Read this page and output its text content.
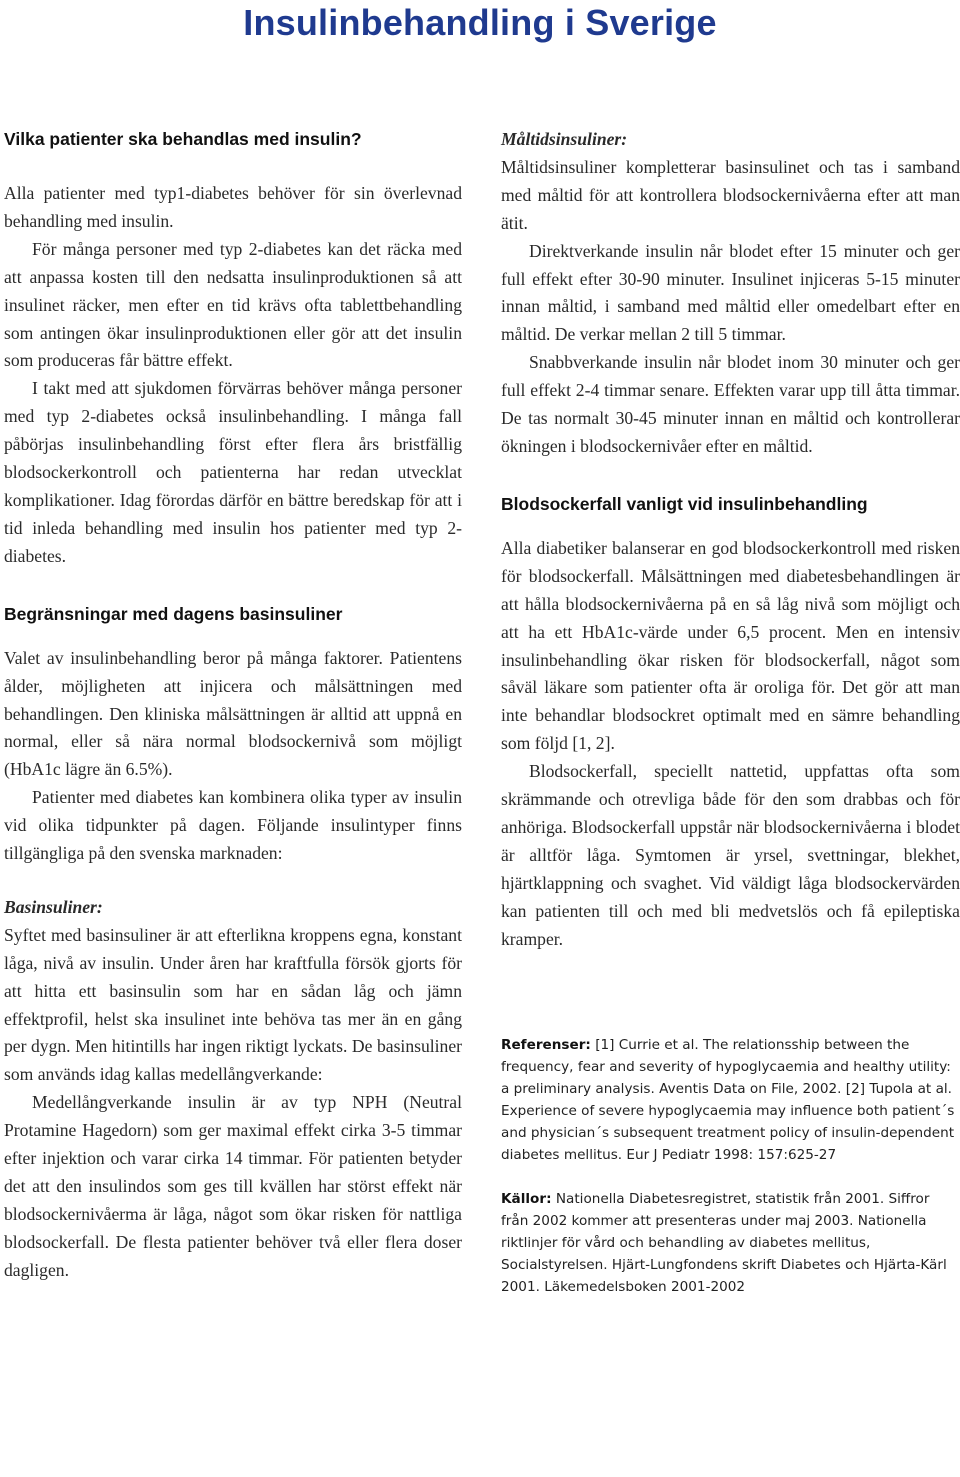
Insulinbehandling i Sverige
Vilka patienter ska behandlas med insulin?

Alla patienter med typ1-diabetes behöver för sin överlevnad behandling med insulin.

För många personer med typ 2-diabetes kan det räcka med att anpassa kosten till den nedsatta insulinproduktionen så att insulinet räcker, men efter en tid krävs ofta tablettbehandling som antingen ökar insulinproduktionen eller gör att det insulin som produceras får bättre effekt.

I takt med att sjukdomen förvärras behöver många personer med typ 2-diabetes också insulinbehandling. I många fall påbörjas insulinbehandling först efter flera års bristfällig blodsockerkontroll och patienterna har redan utvecklat komplikationer. Idag förordas därför en bättre beredskap för att i tid inleda behandling med insulin hos patienter med typ 2-diabetes.

Begränsningar med dagens basinsuliner

Valet av insulinbehandling beror på många faktorer. Patientens ålder, möjligheten att injicera och målsättningen med behandlingen. Den kliniska målsättningen är alltid att uppnå en normal, eller så nära normal blodsockernivå som möjligt (HbA1c lägre än 6.5%).

Patienter med diabetes kan kombinera olika typer av insulin vid olika tidpunkter på dagen. Följande insulintyper finns tillgängliga på den svenska marknaden:

Basinsuliner:

Syftet med basinsuliner är att efterlikna kroppens egna, konstant låga, nivå av insulin. Under åren har kraftfulla försök gjorts för att hitta ett basinsulin som har en sådan låg och jämn effektprofil, helst ska insulinet inte behöva tas mer än en gång per dygn. Men hitintills har ingen riktigt lyckats. De basinsuliner som används idag kallas medellångverkande:

Medellångverkande insulin är av typ NPH (Neutral Protamine Hagedorn) som ger maximal effekt cirka 3-5 timmar efter injektion och varar cirka 14 timmar. För patienten betyder det att den insulindos som ges till kvällen har störst effekt när blodsockernivåerma är låga, något som ökar risken för nattliga blodsockerfall. De flesta patienter behöver två eller flera doser dagligen.

Måltidsinsuliner:

Måltidsinsuliner kompletterar basinsulinet och tas i samband med måltid för att kontrollera blodsockernivåerna efter att man ätit.

Direktverkande insulin når blodet efter 15 minuter och ger full effekt efter 30-90 minuter. Insulinet injiceras 5-15 minuter innan måltid, i samband med måltid eller omedelbart efter en måltid. De verkar mellan 2 till 5 timmar.

Snabbverkande insulin når blodet inom 30 minuter och ger full effekt 2-4 timmar senare. Effekten varar upp till åtta timmar. De tas normalt 30-45 minuter innan en måltid och kontrollerar ökningen i blodsockernivåer efter en måltid.

Blodsockerfall vanligt vid insulinbehandling

Alla diabetiker balanserar en god blodsockerkontroll med risken för blodsockerfall. Målsättningen med diabetesbehandlingen är att hålla blodsockernivåerna på en så låg nivå som möjligt och att ha ett HbA1c-värde under 6,5 procent. Men en intensiv insulinbehandling ökar risken för blodsockerfall, något som såväl läkare som patienter ofta är oroliga för. Det gör att man inte behandlar blodsockret optimalt med en sämre behandling som följd [1, 2].

Blodsockerfall, speciellt nattetid, uppfattas ofta som skrämmande och otrevliga både för den som drabbas och för anhöriga. Blodsockerfall uppstår när blodsockernivåerna i blodet är alltför låga. Symtomen är yrsel, svettningar, blekhet, hjärtklappning och svaghet. Vid väldigt låga blodsockervärden kan patienten till och med bli medvetslös och få epileptiska kramper.

Referenser: [1] Currie et al. The relationsship between the frequency, fear and severity of hypoglycaemia and healthy utility: a preliminary analysis. Aventis Data on File, 2002. [2] Tupola at al. Experience of severe hypoglycaemia may influence both patient´s and physician´s subsequent treatment policy of insulin-dependent diabetes mellitus. Eur J Pediatr 1998: 157:625-27

Källor: Nationella Diabetesregistret, statistik från 2001. Siffror från 2002 kommer att presenteras under maj 2003. Nationella riktlinjer för vård och behandling av diabetes mellitus, Socialstyrelsen. Hjärt-Lungfondens skrift Diabetes och Hjärta-Kärl 2001. Läkemedelsboken 2001-2002
